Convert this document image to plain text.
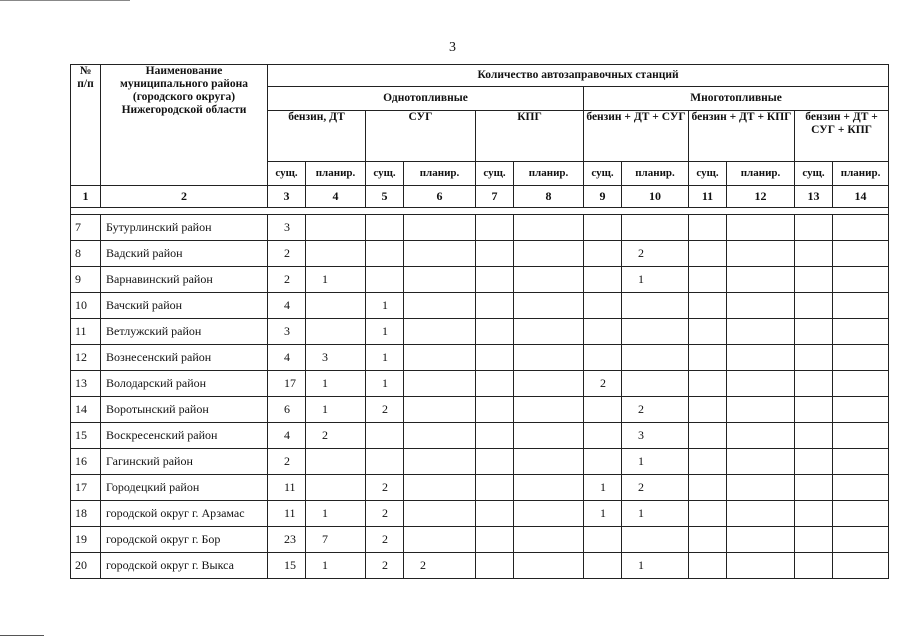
3
№
п/п	Наименование муниципального района (городского округа) Нижегородской области	Количество автозаправочных станций											
		Однотопливные						Многотопливные					
		бензин, ДТ		СУГ		КПГ		бензин + ДТ + СУГ		бензин + ДТ + КПГ		бензин + ДТ + СУГ + КПГ	
		сущ.	планир.	сущ.	планир.	сущ.	планир.	сущ.	планир.	сущ.	планир.	сущ.	планир.
1	2	3	4	5	6	7	8	9	10	11	12	13	14

7	Бутурлинский район	3											
8	Вадский район	2							2				
9	Варнавинский район	2	1						1				
10	Вачский район	4		1									
11	Ветлужский район	3		1									
12	Вознесенский район	4	3	1									
13	Володарский район	17	1	1				2					
14	Воротынский район	6	1	2					2				
15	Воскресенский район	4	2						3				
16	Гагинский район	2							1				
17	Городецкий район	11		2				1	2				
18	городской округ г. Арзамас	11	1	2				1	1				
19	городской округ г. Бор	23	7	2									
20	городской округ г. Выкса	15	1	2	2				1				
